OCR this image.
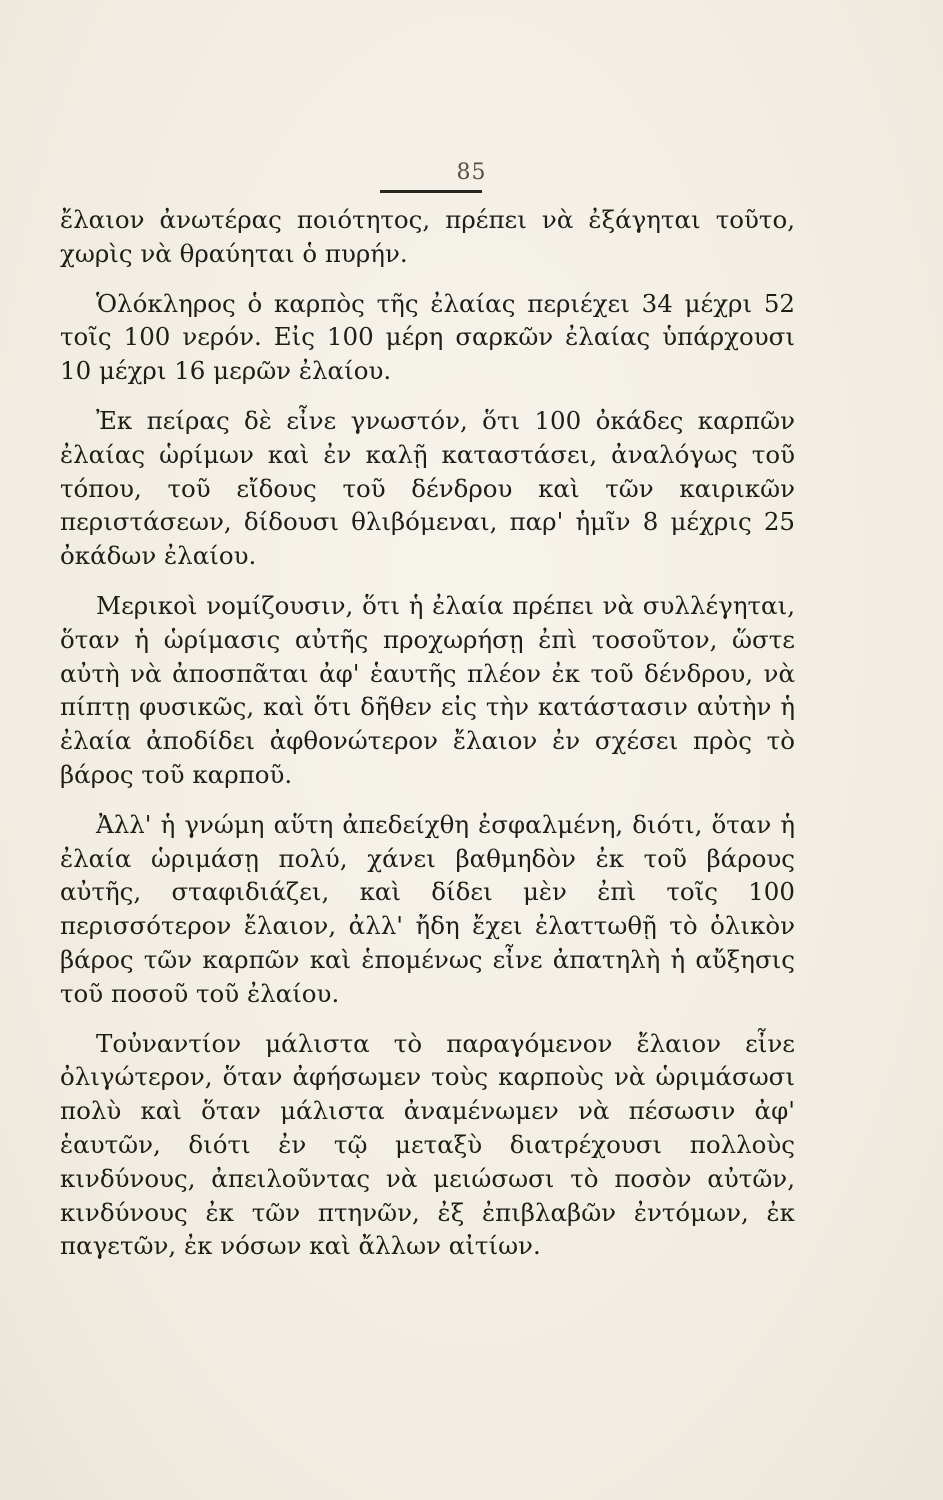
85

ἔλαιον ἀνωτέρας ποιότητος, πρέπει νὰ ἐξάγηται τοῦτο, χωρὶς νὰ θραύηται ὁ πυρήν.

Ὁλόκληρος ὁ καρπὸς τῆς ἐλαίας περιέχει 34 μέχρι 52 τοῖς 100 νερόν. Εἰς 100 μέρη σαρκῶν ἐλαίας ὑπάρχουσι 10 μέχρι 16 μερῶν ἐλαίου.

Ἐκ πείρας δὲ εἶνε γνωστόν, ὅτι 100 ὀκάδες καρπῶν ἐλαίας ὡρίμων καὶ ἐν καλῇ καταστάσει, ἀναλόγως τοῦ τόπου, τοῦ εἴδους τοῦ δένδρου καὶ τῶν καιρικῶν περιστάσεων, δίδουσι θλιβόμεναι, παρ' ἡμῖν 8 μέχρις 25 ὀκάδων ἐλαίου.

Μερικοὶ νομίζουσιν, ὅτι ἡ ἐλαία πρέπει νὰ συλλέγηται, ὅταν ἡ ὡρίμασις αὐτῆς προχωρήσῃ ἐπὶ τοσοῦτον, ὥστε αὐτὴ νὰ ἀποσπᾶται ἀφ' ἑαυτῆς πλέον ἐκ τοῦ δένδρου, νὰ πίπτῃ φυσικῶς, καὶ ὅτι δῆθεν εἰς τὴν κατάστασιν αὐτὴν ἡ ἐλαία ἀποδίδει ἀφθονώτερον ἔλαιον ἐν σχέσει πρὸς τὸ βάρος τοῦ καρποῦ.

Ἀλλ' ἡ γνώμη αὕτη ἀπεδείχθη ἐσφαλμένη, διότι, ὅταν ἡ ἐλαία ὡριμάσῃ πολύ, χάνει βαθμηδὸν ἐκ τοῦ βάρους αὐτῆς, σταφιδιάζει, καὶ δίδει μὲν ἐπὶ τοῖς 100 περισσότερον ἔλαιον, ἀλλ' ἤδη ἔχει ἐλαττωθῇ τὸ ὁλικὸν βάρος τῶν καρπῶν καὶ ἑπομένως εἶνε ἀπατηλὴ ἡ αὔξησις τοῦ ποσοῦ τοῦ ἐλαίου.

Τοὐναντίον μάλιστα τὸ παραγόμενον ἔλαιον εἶνε ὀλιγώτερον, ὅταν ἀφήσωμεν τοὺς καρποὺς νὰ ὡριμάσωσι πολὺ καὶ ὅταν μάλιστα ἀναμένωμεν νὰ πέσωσιν ἀφ' ἑαυτῶν, διότι ἐν τῷ μεταξὺ διατρέχουσι πολλοὺς κινδύνους, ἀπειλοῦντας νὰ μειώσωσι τὸ ποσὸν αὐτῶν, κινδύνους ἐκ τῶν πτηνῶν, ἐξ ἐπιβλαβῶν ἐντόμων, ἐκ παγετῶν, ἐκ νόσων καὶ ἄλλων αἰτίων.
